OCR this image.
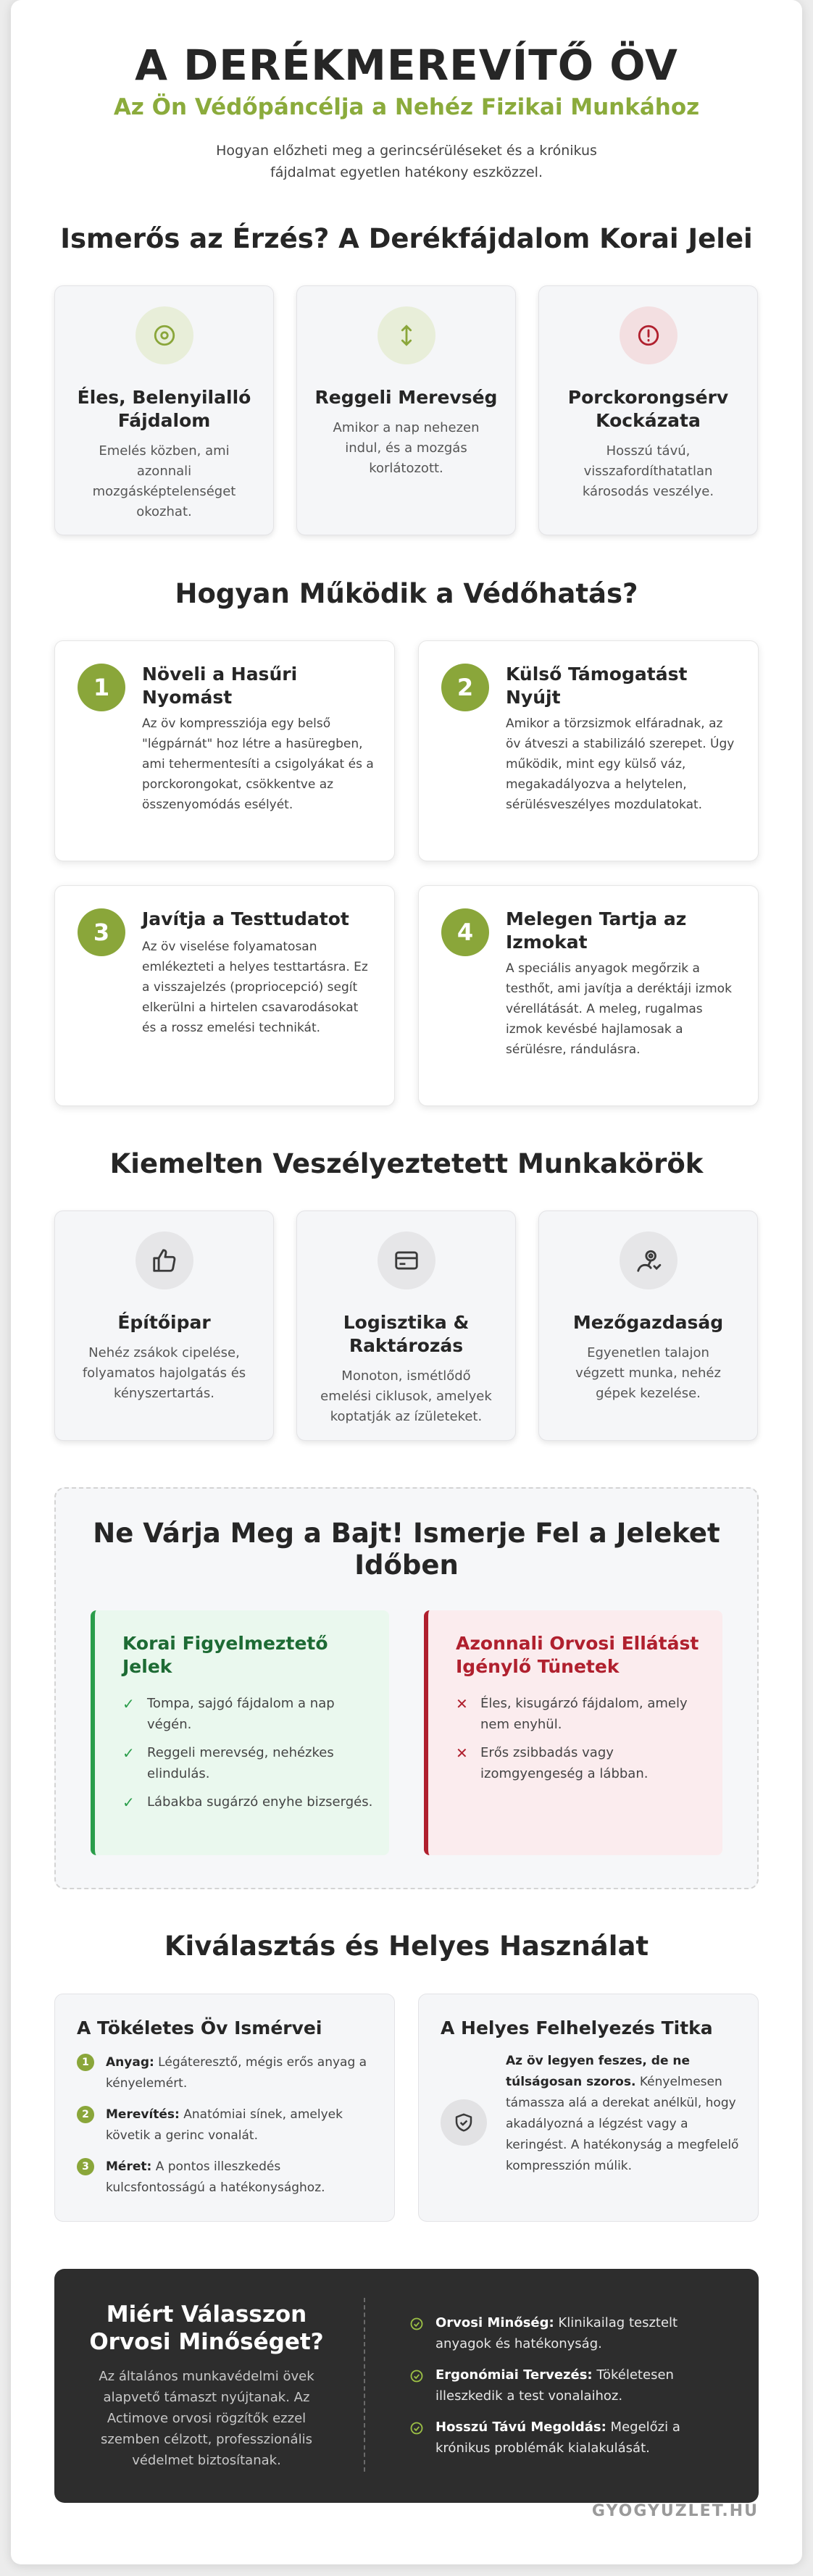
A DERÉKMEREVÍTŐ ÖV
Az Ön Védőpáncélja a Nehéz Fizikai Munkához

Hogyan előzheti meg a gerincsérüléseket és a krónikus fájdalmat egyetlen hatékony eszközzel.

Ismerős az Érzés? A Derékfájdalom Korai Jelei
Éles, Belenyilalló Fájdalom
Emelés közben, ami azonnali mozgásképtelenséget okozhat.
Reggeli Merevség
Amikor a nap nehezen indul, és a mozgás korlátozott.
Porckorongsérv Kockázata
Hosszú távú, visszafordíthatatlan károsodás veszélye.
Hogyan Működik a Védőhatás?
1	Növeli a Hasűri Nyomást
Az öv kompressziója egy belső "légpárnát" hoz létre a hasüregben, ami tehermentesíti a csigolyákat és a porckorongokat, csökkentve az összenyomódás esélyét.
2	Külső Támogatást Nyújt
Amikor a törzsizmok elfáradnak, az öv átveszi a stabilizáló szerepet. Úgy működik, mint egy külső váz, megakadályozva a helytelen, sérülésveszélyes mozdulatokat.
3	Javítja a Testtudatot
Az öv viselése folyamatosan emlékezteti a helyes testtartásra. Ez a visszajelzés (propriocepció) segít elkerülni a hirtelen csavarodásokat és a rossz emelési technikát.
4	Melegen Tartja az Izmokat
A speciális anyagok megőrzik a testhőt, ami javítja a deréktáji izmok vérellátását. A meleg, rugalmas izmok kevésbé hajlamosak a sérülésre, rándulásra.
Kiemelten Veszélyeztetett Munkakörök
Építőipar
Nehéz zsákok cipelése, folyamatos hajolgatás és kényszertartás.
Logisztika & Raktározás
Monoton, ismétlődő emelési ciklusok, amelyek koptatják az ízületeket.
Mezőgazdaság
Egyenetlen talajon végzett munka, nehéz gépek kezelése.
Ne Várja Meg a Bajt! Ismerje Fel a Jeleket Időben
Korai Figyelmeztető Jelek
✓ Tompa, sajgó fájdalom a nap végén.
✓ Reggeli merevség, nehézkes elindulás.
✓ Lábakba sugárzó enyhe bizsergés.
Azonnali Orvosi Ellátást Igénylő Tünetek
✕ Éles, kisugárzó fájdalom, amely nem enyhül.
✕ Erős zsibbadás vagy izomgyengeség a lábban.
Kiválasztás és Helyes Használat
A Tökéletes Öv Ismérvei
1	Anyag: Légáteresztő, mégis erős anyag a kényelemért.
2	Merevítés: Anatómiai sínek, amelyek követik a gerinc vonalát.
3	Méret: A pontos illeszkedés kulcsfontosságú a hatékonysághoz.
A Helyes Felhelyezés Titka
Az öv legyen feszes, de ne túlságosan szoros. Kényelmesen támassza alá a derekat anélkül, hogy akadályozná a légzést vagy a keringést. A hatékonyság a megfelelő kompresszión múlik.
Miért Válasszon Orvosi Minőséget?
Az általános munkavédelmi övek alapvető támaszt nyújtanak. Az Actimove orvosi rögzítők ezzel szemben célzott, professzionális védelmet biztosítanak.
Orvosi Minőség: Klinikailag tesztelt anyagok és hatékonyság.
Ergonómiai Tervezés: Tökéletesen illeszkedik a test vonalaihoz.
Hosszú Távú Megoldás: Megelőzi a krónikus problémák kialakulását.
GYOGYUZLET.HU
